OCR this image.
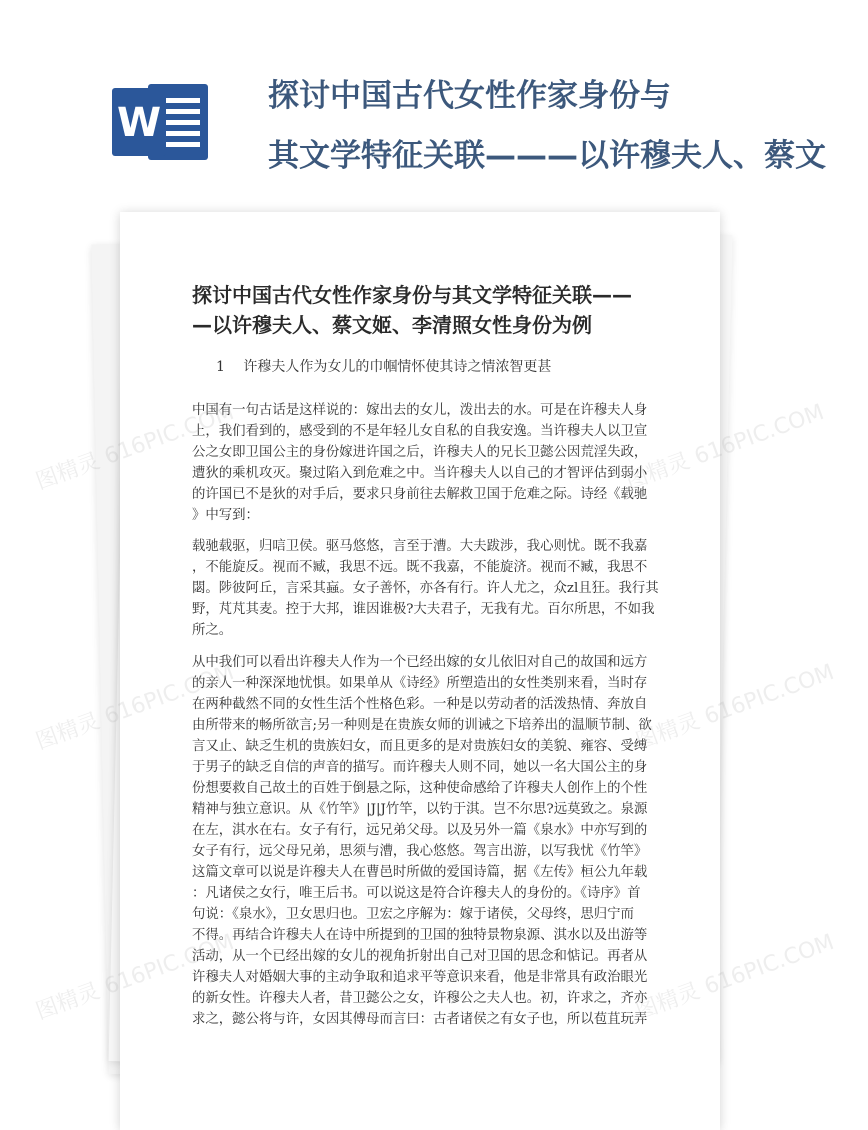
W
探讨中国古代女性作家身份与
其文学特征关联———以许穆夫人、蔡文
探讨中国古代女性作家身份与其文学特征关联——
—以许穆夫人、蔡文姬、李清照女性身份为例
1 许穆夫人作为女儿的巾帼情怀使其诗之情浓智更甚
中国有一句古话是这样说的：嫁出去的女儿，泼出去的水。可是在许穆夫人身
上，我们看到的，感受到的不是年轻儿女自私的自我安逸。当许穆夫人以卫宣
公之女即卫国公主的身份嫁进许国之后，许穆夫人的兄长卫懿公因荒淫失政，
遭狄的乘机攻灭。聚过陷入到危难之中。当许穆夫人以自己的才智评估到弱小
的许国已不是狄的对手后，要求只身前往去解救卫国于危难之际。诗经《载驰
》中写到：
载驰载驱，归唁卫侯。驱马悠悠，言至于漕。大夫跋涉，我心则忧。既不我嘉
，不能旋反。视而不臧，我思不远。既不我嘉，不能旋济。视而不臧，我思不
閟。陟彼阿丘，言采其蝱。女子善怀，亦各有行。许人尤之，众zl且狂。我行其
野，芃芃其麦。控于大邦，谁因谁极?大夫君子，无我有尤。百尔所思，不如我
所之。
从中我们可以看出许穆夫人作为一个已经出嫁的女儿依旧对自己的故国和远方
的亲人一种深深地忧惧。如果单从《诗经》所塑造出的女性类别来看，当时存
在两种截然不同的女性生活个性格色彩。一种是以劳动者的活泼热情、奔放自
由所带来的畅所欲言;另一种则是在贵族女师的训诫之下培养出的温顺节制、欲
言又止、缺乏生机的贵族妇女，而且更多的是对贵族妇女的美貌、雍容、受缚
于男子的缺乏自信的声音的描写。而许穆夫人则不同，她以一名大国公主的身
份想要救自己故土的百姓于倒悬之际，这种使命感给了许穆夫人创作上的个性
精神与独立意识。从《竹竿》|J|J竹竿，以钓于淇。岂不尔思?远莫致之。泉源
在左，淇水在右。女子有行，远兄弟父母。以及另外一篇《泉水》中亦写到的
女子有行，远父母兄弟，思须与漕，我心悠悠。驾言出游，以写我忧《竹竿》
这篇文章可以说是许穆夫人在曹邑时所做的爱国诗篇，据《左传》桓公九年载
：凡诸侯之女行，唯王后书。可以说这是符合许穆夫人的身份的。《诗序》首
句说：《泉水》，卫女思归也。卫宏之序解为：嫁于诸侯，父母终，思归宁而
不得。再结合许穆夫人在诗中所提到的卫国的独特景物泉源、淇水以及出游等
活动，从一个已经出嫁的女儿的视角折射出自己对卫国的思念和惦记。再者从
许穆夫人对婚姻大事的主动争取和追求平等意识来看，他是非常具有政治眼光
的新女性。许穆夫人者，昔卫懿公之女，许穆公之夫人也。初，许求之，齐亦
求之，懿公将与许，女因其傅母而言曰：古者诸侯之有女子也，所以苞苴玩弄
图精灵
616PIC.COM
图精灵	图精灵 616PIC.COM
图精灵	图精灵 616PIC.COM
